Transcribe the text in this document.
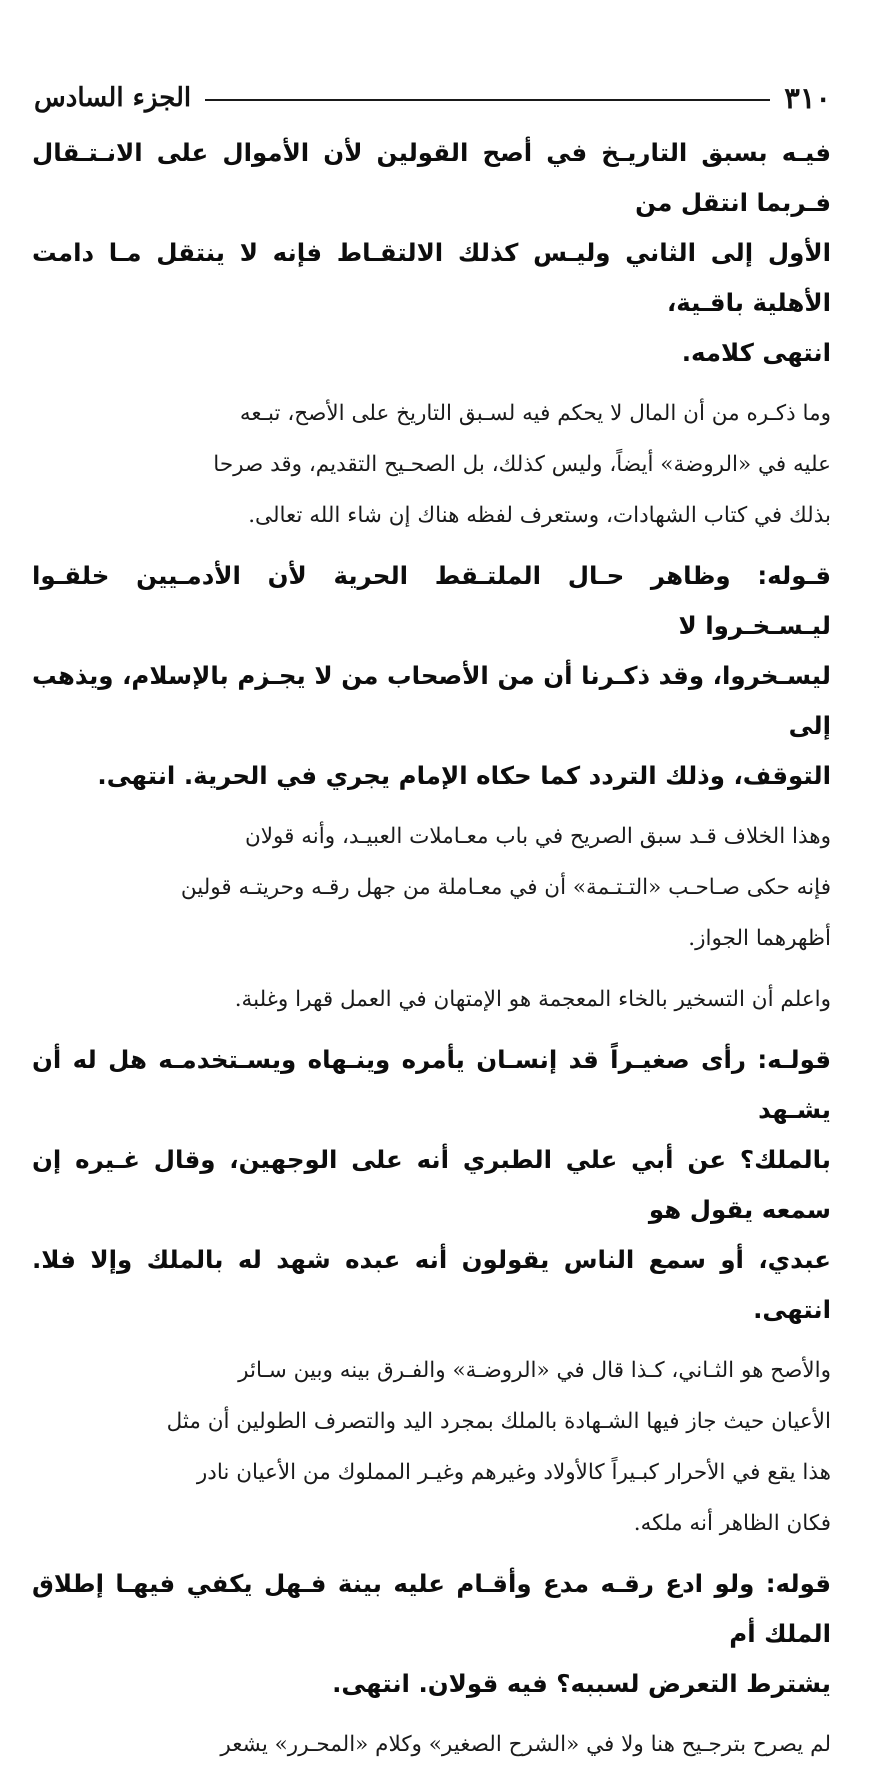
٣١٠
الجزء السادس

فيـه بسبق التاريـخ في أصح القولين لأن الأموال على الانـتـقال فـربما انتقل من
الأول إلى الثاني وليـس كذلك الالتقـاط فإنه لا ينتقل مـا دامت الأهلية باقـية،
انتهى كلامه.

وما ذكـره من أن المال لا يحكم فيه لسـبق التاريخ على الأصح، تبـعه
عليه في «الروضة» أيضاً، وليس كذلك، بل الصحـيح التقديم، وقد صرحا
بذلك في كتاب الشهادات، وستعرف لفظه هناك إن شاء الله تعالى.

قـوله: وظاهر حـال الملتـقط الحرية لأن الأدمـيين خلقـوا ليـسـخـروا لا
ليسـخروا، وقد ذكـرنا أن من الأصحاب من لا يجـزم بالإسلام، ويذهب إلى
التوقف، وذلك التردد كما حكاه الإمام يجري في الحرية. انتهى.

وهذا الخلاف قـد سبق الصريح في باب معـاملات العبيـد، وأنه قولان
فإنه حكى صـاحـب «التـتـمة» أن في معـاملة من جهل رقـه وحريتـه قولين
أظهرهما الجواز.

واعلم أن التسخير بالخاء المعجمة هو الإمتهان في العمل قهرا وغلبة.

قولـه: رأى صغيـراً قد إنسـان يأمره وينـهاه ويسـتخدمـه هل له أن يشـهد
بالملك؟ عن أبي علي الطبري أنه على الوجهين، وقال غـيره إن سمعه يقول هو
عبدي، أو سمع الناس يقولون أنه عبده شهد له بالملك وإلا فلا. انتهى.

والأصح هو الثـاني، كـذا قال في «الروضـة» والفـرق بينه وبين سـائر
الأعيان حيث جاز فيها الشـهادة بالملك بمجرد اليد والتصرف الطولين أن مثل
هذا يقع في الأحرار كبـيراً كالأولاد وغيرهم وغيـر المملوك من الأعيان نادر
فكان الظاهر أنه ملكه.

قوله: ولو ادع رقـه مدع وأقـام عليه بينة فـهل يكفي فيهـا إطلاق الملك أم
يشترط التعرض لسببه؟ فيه قولان. انتهى.

لم يصرح بترجـيح هنا ولا في «الشرح الصغير» وكلام «المحـرر» يشعر
